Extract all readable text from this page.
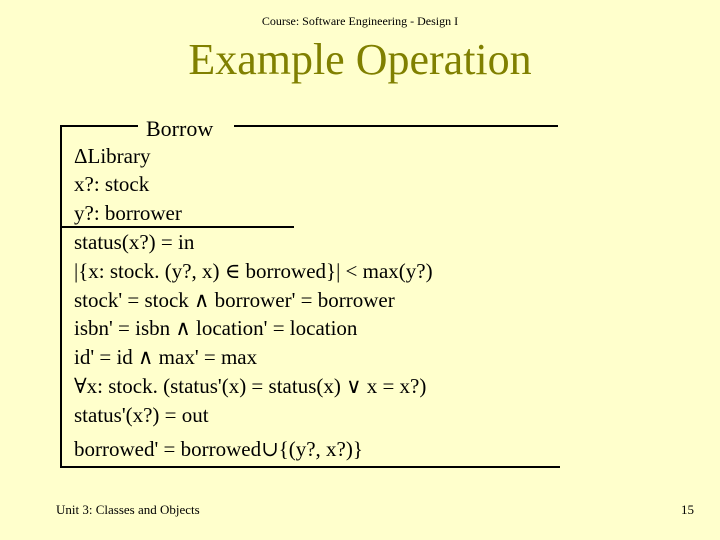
Course: Software Engineering - Design I
Example Operation
Borrow
ΔLibrary
x?: stock
y?: borrower
status(x?) = in
|{x: stock. (y?, x) ∈ borrowed}| < max(y?)
stock' = stock ∧ borrower' = borrower
isbn' = isbn ∧ location' = location
id' = id ∧ max' = max
∀x: stock. (status'(x) = status(x) ∨ x = x?)
status'(x?) = out
borrowed' = borrowed∪{(y?, x?)}
Unit 3: Classes and Objects	15
